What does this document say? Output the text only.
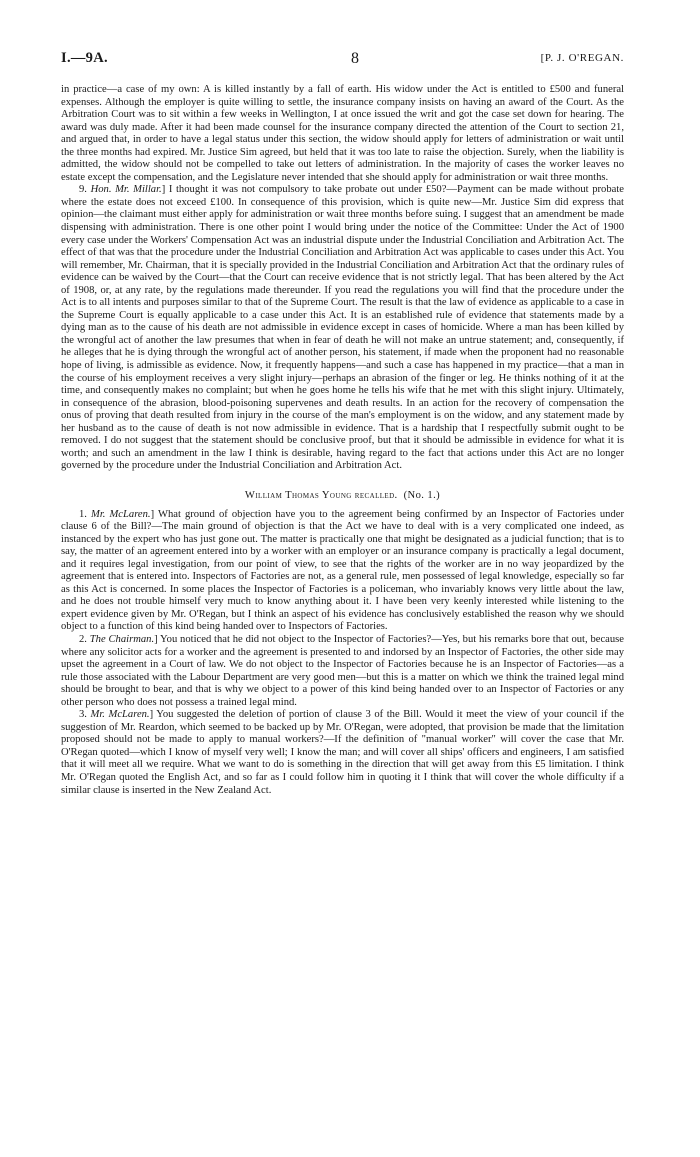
I.—9A.	8	[P. J. O'REGAN.

in practice—a case of my own: A is killed instantly by a fall of earth. His widow under the Act is entitled to £500 and funeral expenses. Although the employer is quite willing to settle, the insurance company insists on having an award of the Court. As the Arbitration Court was to sit within a few weeks in Wellington, I at once issued the writ and got the case set down for hearing. The award was duly made. After it had been made counsel for the insurance company directed the attention of the Court to section 21, and argued that, in order to have a legal status under this section, the widow should apply for letters of administration or wait until the three months had expired. Mr. Justice Sim agreed, but held that it was too late to raise the objection. Surely, when the liability is admitted, the widow should not be compelled to take out letters of administration. In the majority of cases the worker leaves no estate except the compensation, and the Legislature never intended that she should apply for administration or wait three months.

9. Hon. Mr. Millar.] I thought it was not compulsory to take probate out under £50?—Payment can be made without probate where the estate does not exceed £100. In consequence of this provision, which is quite new—Mr. Justice Sim did express that opinion—the claimant must either apply for administration or wait three months before suing. I suggest that an amendment be made dispensing with administration. There is one other point I would bring under the notice of the Committee: Under the Act of 1900 every case under the Workers' Compensation Act was an industrial dispute under the Industrial Conciliation and Arbitration Act. The effect of that was that the procedure under the Industrial Conciliation and Arbitration Act was applicable to cases under this Act. You will remember, Mr. Chairman, that it is specially provided in the Industrial Conciliation and Arbitration Act that the ordinary rules of evidence can be waived by the Court—that the Court can receive evidence that is not strictly legal. That has been altered by the Act of 1908, or, at any rate, by the regulations made thereunder. If you read the regulations you will find that the procedure under the Act is to all intents and purposes similar to that of the Supreme Court. The result is that the law of evidence as applicable to a case in the Supreme Court is equally applicable to a case under this Act. It is an established rule of evidence that statements made by a dying man as to the cause of his death are not admissible in evidence except in cases of homicide. Where a man has been killed by the wrongful act of another the law presumes that when in fear of death he will not make an untrue statement; and, consequently, if he alleges that he is dying through the wrongful act of another person, his statement, if made when the proponent had no reasonable hope of living, is admissible as evidence. Now, it frequently happens—and such a case has happened in my practice—that a man in the course of his employment receives a very slight injury—perhaps an abrasion of the finger or leg. He thinks nothing of it at the time, and consequently makes no complaint; but when he goes home he tells his wife that he met with this slight injury. Ultimately, in consequence of the abrasion, blood-poisoning supervenes and death results. In an action for the recovery of compensation the onus of proving that death resulted from injury in the course of the man's employment is on the widow, and any statement made by her husband as to the cause of death is not now admissible in evidence. That is a hardship that I respectfully submit ought to be removed. I do not suggest that the statement should be conclusive proof, but that it should be admissible in evidence for what it is worth; and such an amendment in the law I think is desirable, having regard to the fact that actions under this Act are no longer governed by the procedure under the Industrial Conciliation and Arbitration Act.

William Thomas Young recalled. (No. 1.)

1. Mr. McLaren.] What ground of objection have you to the agreement being confirmed by an Inspector of Factories under clause 6 of the Bill?—The main ground of objection is that the Act we have to deal with is a very complicated one indeed, as instanced by the expert who has just gone out. The matter is practically one that might be designated as a judicial function; that is to say, the matter of an agreement entered into by a worker with an employer or an insurance company is practically a legal document, and it requires legal investigation, from our point of view, to see that the rights of the worker are in no way jeopardized by the agreement that is entered into. Inspectors of Factories are not, as a general rule, men possessed of legal knowledge, especially so far as this Act is concerned. In some places the Inspector of Factories is a policeman, who invariably knows very little about the law, and he does not trouble himself very much to know anything about it. I have been very keenly interested while listening to the expert evidence given by Mr. O'Regan, but I think an aspect of his evidence has conclusively established the reason why we should object to a function of this kind being handed over to Inspectors of Factories.

2. The Chairman.] You noticed that he did not object to the Inspector of Factories?—Yes, but his remarks bore that out, because where any solicitor acts for a worker and the agreement is presented to and indorsed by an Inspector of Factories, the other side may upset the agreement in a Court of law. We do not object to the Inspector of Factories because he is an Inspector of Factories—as a rule those associated with the Labour Department are very good men—but this is a matter on which we think the trained legal mind should be brought to bear, and that is why we object to a power of this kind being handed over to an Inspector of Factories or any other person who does not possess a trained legal mind.

3. Mr. McLaren.] You suggested the deletion of portion of clause 3 of the Bill. Would it meet the view of your council if the suggestion of Mr. Reardon, which seemed to be backed up by Mr. O'Regan, were adopted, that provision be made that the limitation proposed should not be made to apply to manual workers?—If the definition of "manual worker" will cover the case that Mr. O'Regan quoted—which I know of myself very well; I know the man; and will cover all ships' officers and engineers, I am satisfied that it will meet all we require. What we want to do is something in the direction that will get away from this £5 limitation. I think Mr. O'Regan quoted the English Act, and so far as I could follow him in quoting it I think that will cover the whole difficulty if a similar clause is inserted in the New Zealand Act.
